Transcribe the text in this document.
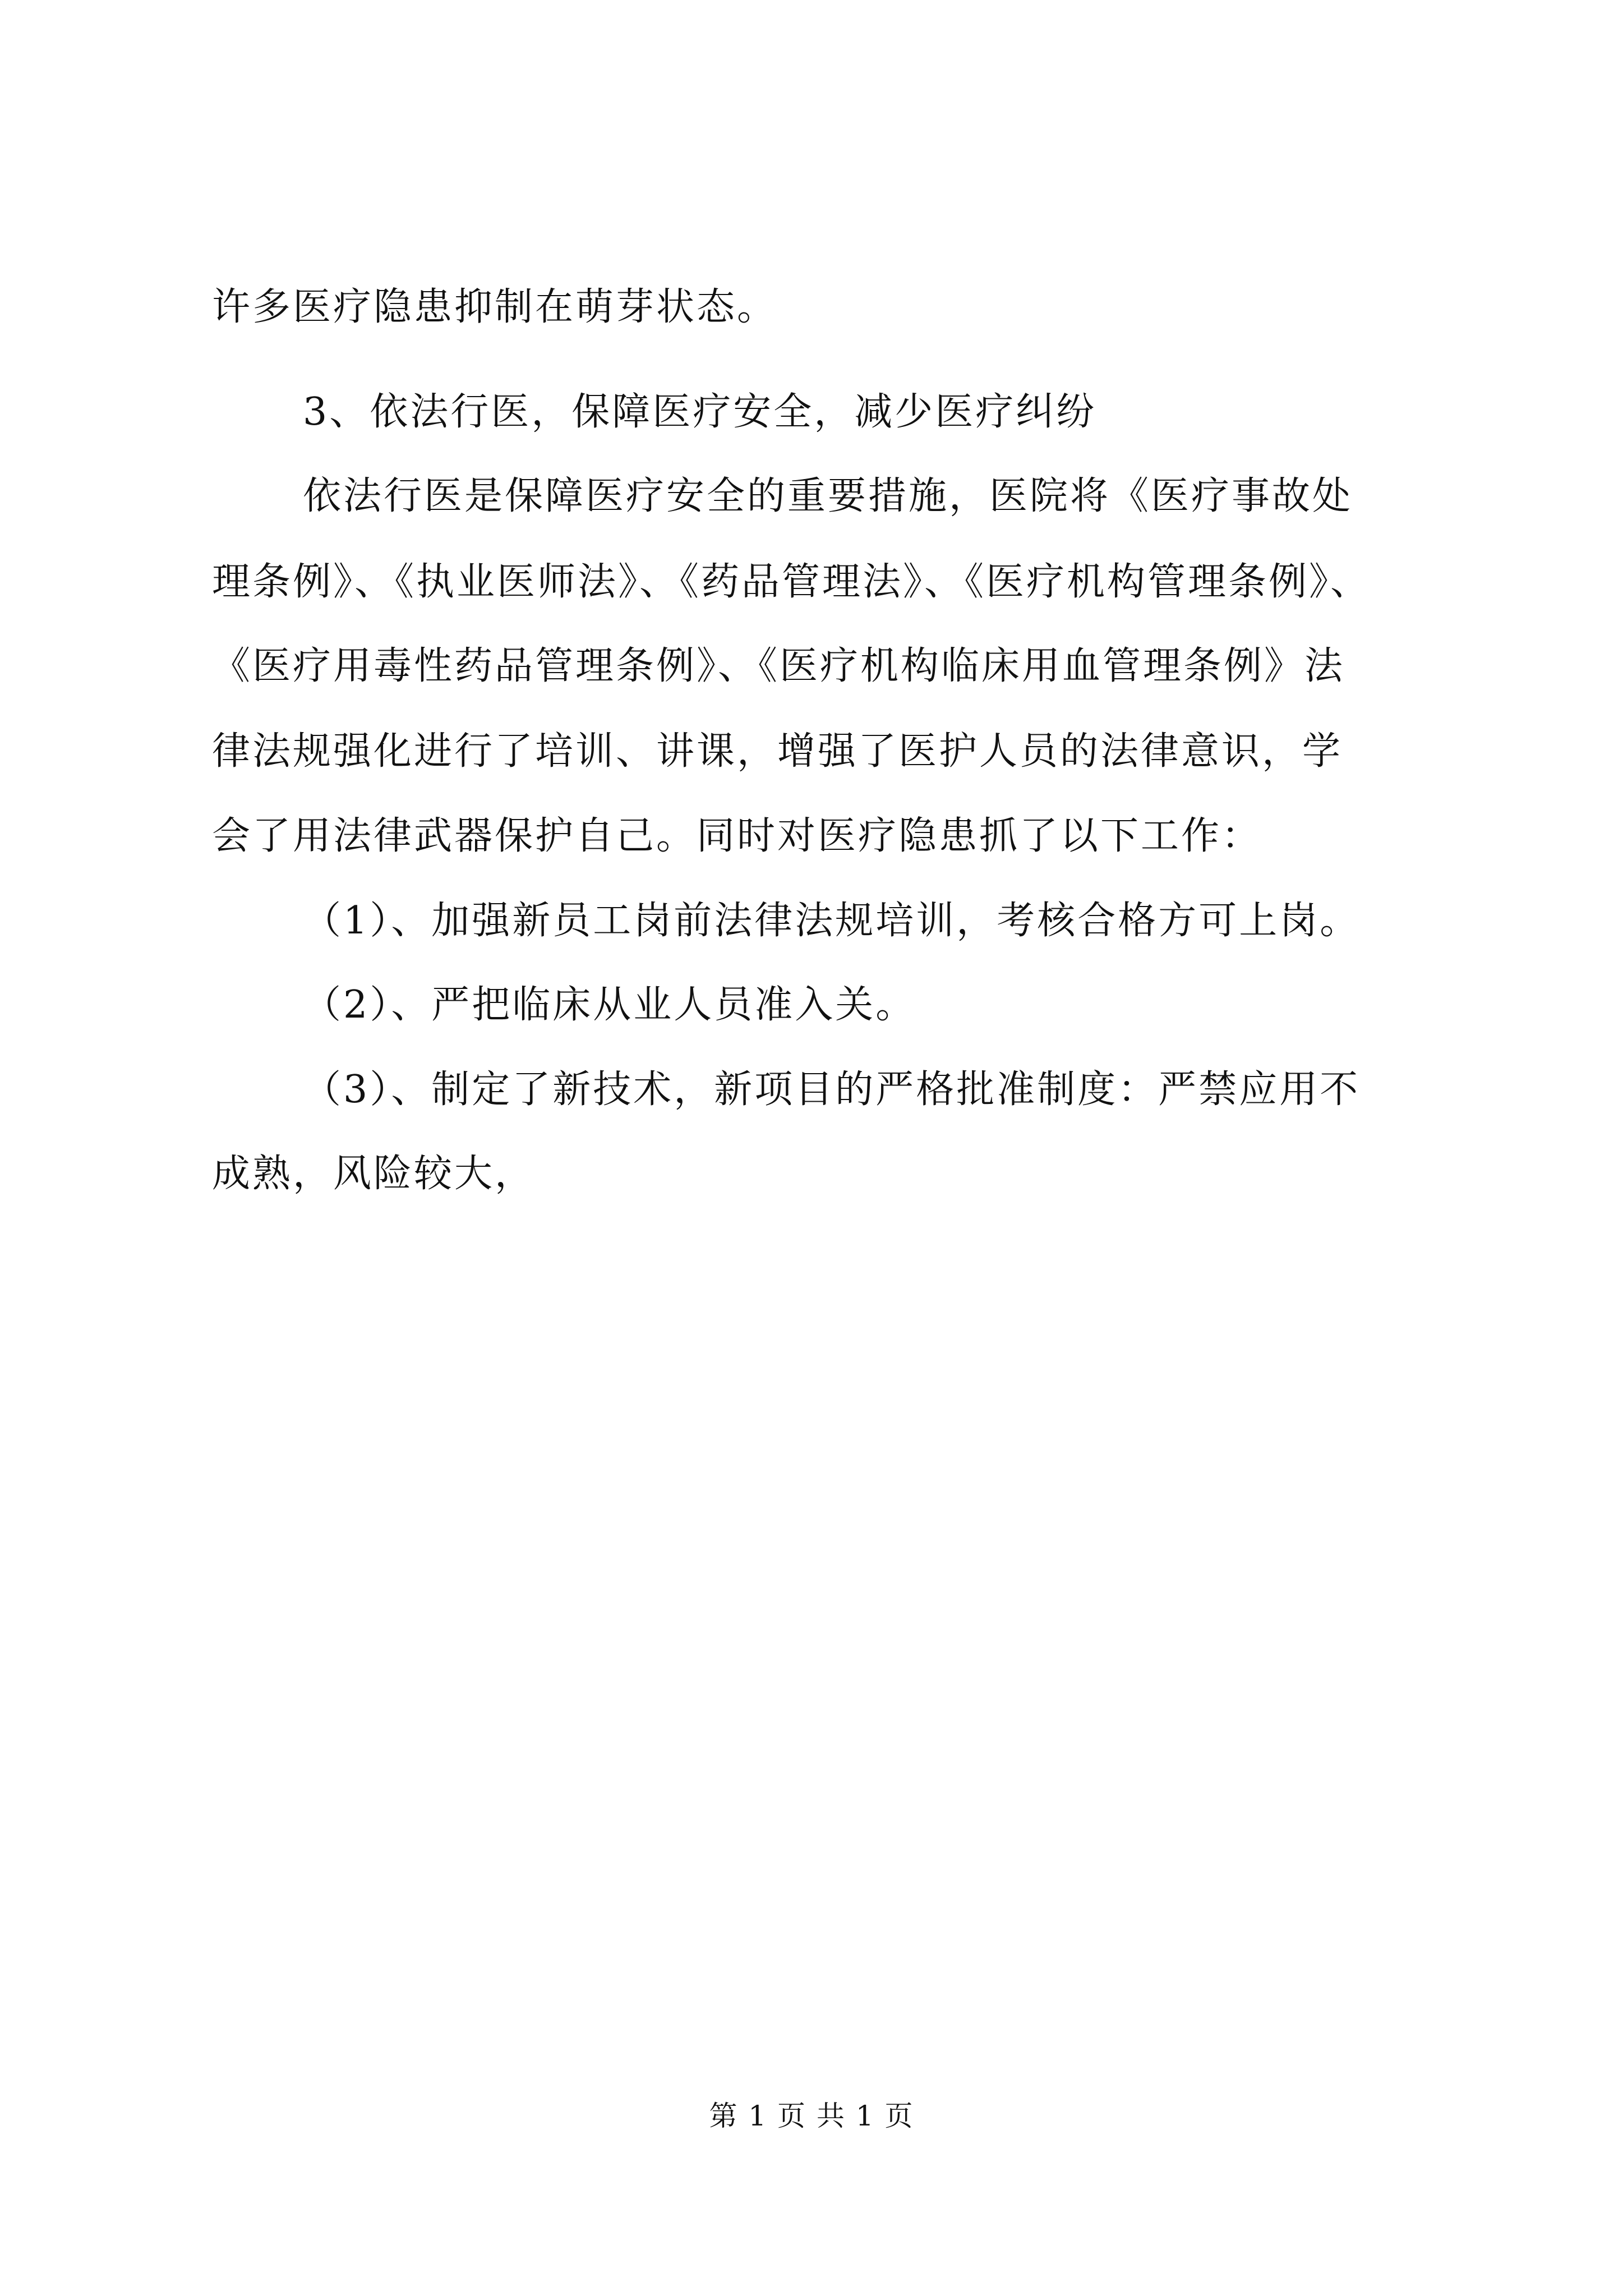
许多医疗隐患抑制在萌芽状态。
3、依法行医，保障医疗安全，减少医疗纠纷
依法行医是保障医疗安全的重要措施，医院将《医疗事故处
理条例》、《执业医师法》、《药品管理法》、《医疗机构管理条例》、
《医疗用毒性药品管理条例》、《医疗机构临床用血管理条例》法
律法规强化进行了培训、讲课，增强了医护人员的法律意识，学
会了用法律武器保护自己。同时对医疗隐患抓了以下工作：
（1）、加强新员工岗前法律法规培训，考核合格方可上岗。
（2）、严把临床从业人员准入关。
（3）、制定了新技术，新项目的严格批准制度：严禁应用不
成熟，风险较大，
第 1 页 共 1 页
